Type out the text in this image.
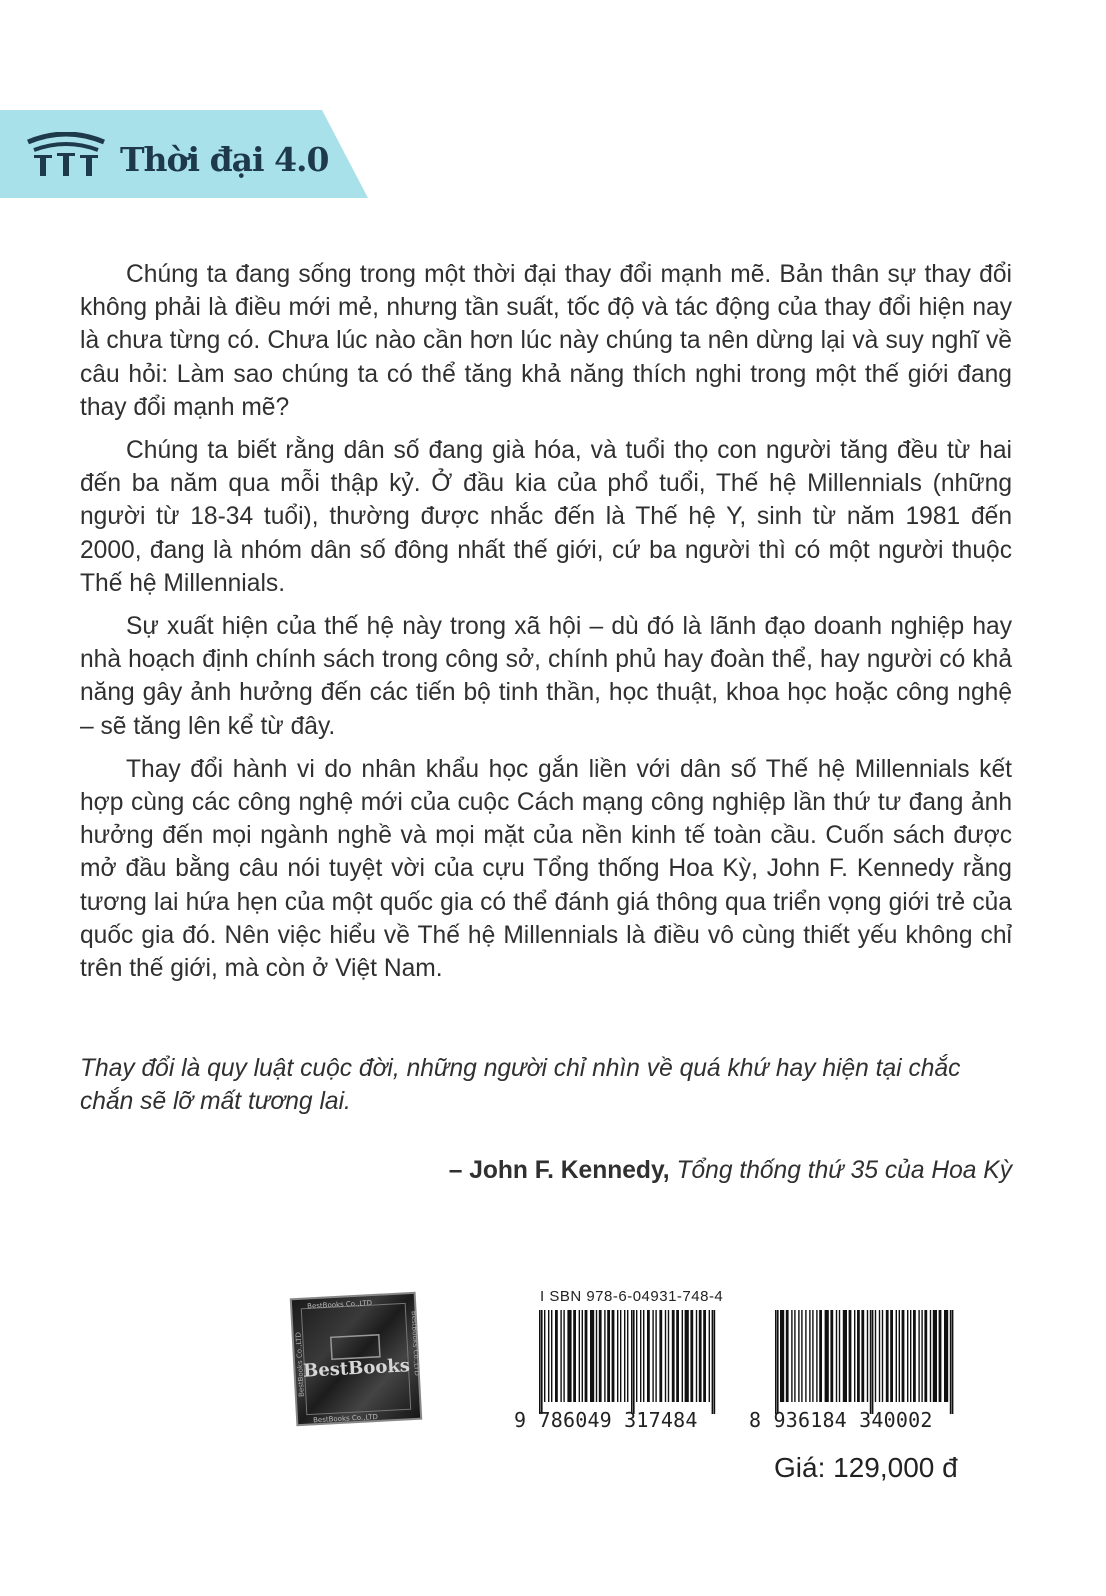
Thời đại 4.0

Chúng ta đang sống trong một thời đại thay đổi mạnh mẽ. Bản thân sự thay đổi không phải là điều mới mẻ, nhưng tần suất, tốc độ và tác động của thay đổi hiện nay là chưa từng có. Chưa lúc nào cần hơn lúc này chúng ta nên dừng lại và suy nghĩ về câu hỏi: Làm sao chúng ta có thể tăng khả năng thích nghi trong một thế giới đang thay đổi mạnh mẽ?

Chúng ta biết rằng dân số đang già hóa, và tuổi thọ con người tăng đều từ hai đến ba năm qua mỗi thập kỷ. Ở đầu kia của phổ tuổi, Thế hệ Millennials (những người từ 18-34 tuổi), thường được nhắc đến là Thế hệ Y, sinh từ năm 1981 đến 2000, đang là nhóm dân số đông nhất thế giới, cứ ba người thì có một người thuộc Thế hệ Millennials.

Sự xuất hiện của thế hệ này trong xã hội – dù đó là lãnh đạo doanh nghiệp hay nhà hoạch định chính sách trong công sở, chính phủ hay đoàn thể, hay người có khả năng gây ảnh hưởng đến các tiến bộ tinh thần, học thuật, khoa học hoặc công nghệ – sẽ tăng lên kể từ đây.

Thay đổi hành vi do nhân khẩu học gắn liền với dân số Thế hệ Millennials kết hợp cùng các công nghệ mới của cuộc Cách mạng công nghiệp lần thứ tư đang ảnh hưởng đến mọi ngành nghề và mọi mặt của nền kinh tế toàn cầu. Cuốn sách được mở đầu bằng câu nói tuyệt vời của cựu Tổng thống Hoa Kỳ, John F. Kennedy rằng tương lai hứa hẹn của một quốc gia có thể đánh giá thông qua triển vọng giới trẻ của quốc gia đó. Nên việc hiểu về Thế hệ Millennials là điều vô cùng thiết yếu không chỉ trên thế giới, mà còn ở Việt Nam.

Thay đổi là quy luật cuộc đời, những người chỉ nhìn về quá khứ hay hiện tại chắc chắn sẽ lỡ mất tương lai.
– John F. Kennedy, Tổng thống thứ 35 của Hoa Kỳ
BestBooks Co.,LTD
BestBooks Co.,LTD
BestBooks Co.,LTD	BestBooks Co.,LTD
BestBooks
I SBN 978-6-04931-748-4
9 786049 317484	8 936184 340002
Giá: 129,000 đ
